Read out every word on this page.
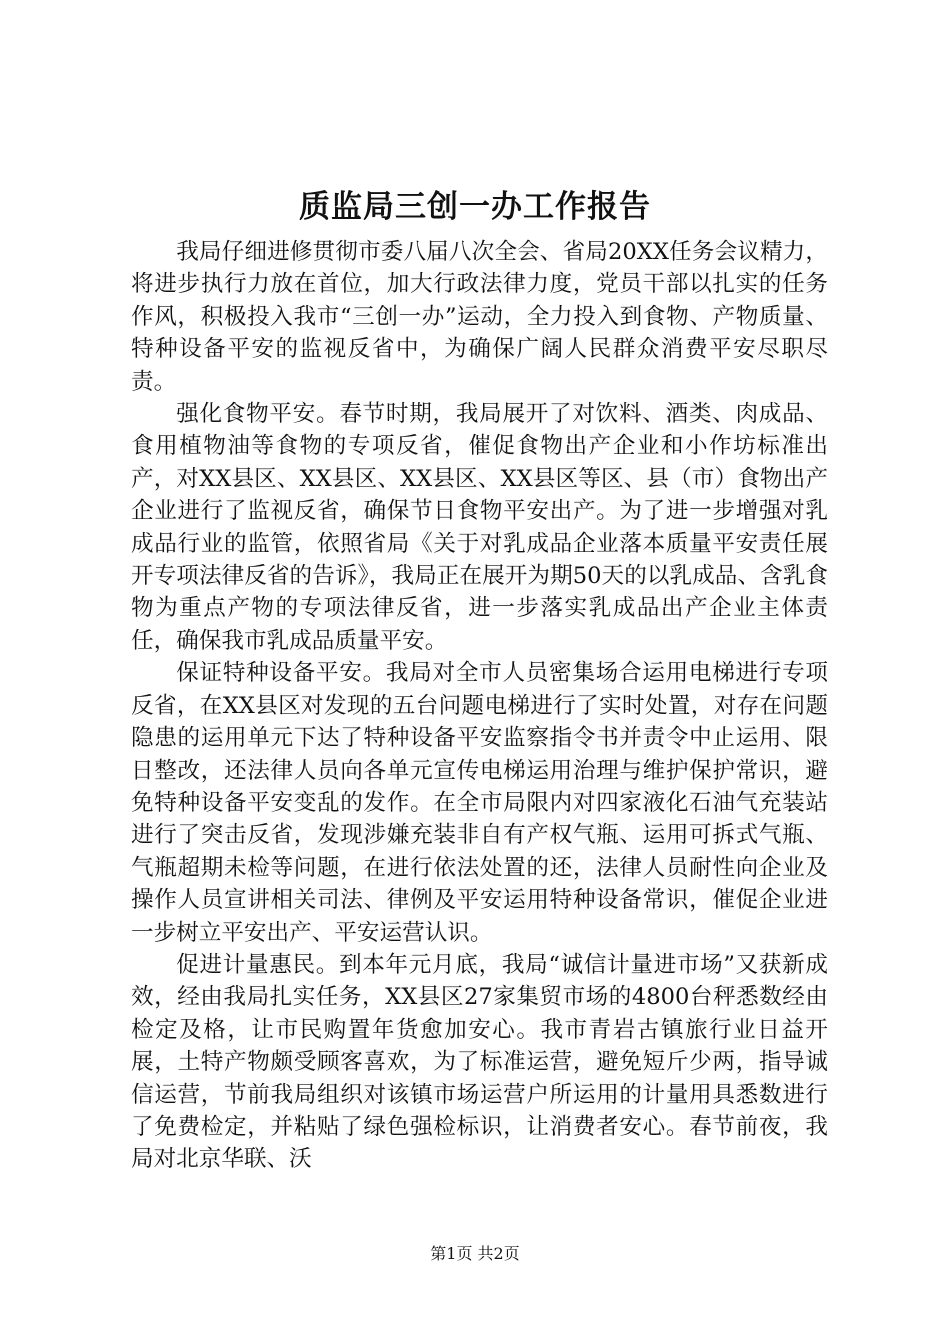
质监局三创一办工作报告

我局仔细进修贯彻市委八届八次全会、省局20XX任务会议精力，将进步执行力放在首位，加大行政法律力度，党员干部以扎实的任务作风，积极投入我市“三创一办”运动，全力投入到食物、产物质量、特种设备平安的监视反省中，为确保广阔人民群众消费平安尽职尽责。

强化食物平安。春节时期，我局展开了对饮料、酒类、肉成品、食用植物油等食物的专项反省，催促食物出产企业和小作坊标准出产，对XX县区、XX县区、XX县区、XX县区等区、县（市）食物出产企业进行了监视反省，确保节日食物平安出产。为了进一步增强对乳成品行业的监管，依照省局《关于对乳成品企业落本质量平安责任展开专项法律反省的告诉》，我局正在展开为期50天的以乳成品、含乳食物为重点产物的专项法律反省，进一步落实乳成品出产企业主体责任，确保我市乳成品质量平安。

保证特种设备平安。我局对全市人员密集场合运用电梯进行专项反省，在XX县区对发现的五台问题电梯进行了实时处置，对存在问题隐患的运用单元下达了特种设备平安监察指令书并责令中止运用、限日整改，还法律人员向各单元宣传电梯运用治理与维护保护常识，避免特种设备平安变乱的发作。在全市局限内对四家液化石油气充装站进行了突击反省，发现涉嫌充装非自有产权气瓶、运用可拆式气瓶、气瓶超期未检等问题，在进行依法处置的还，法律人员耐性向企业及操作人员宣讲相关司法、律例及平安运用特种设备常识，催促企业进一步树立平安出产、平安运营认识。

促进计量惠民。到本年元月底，我局“诚信计量进市场”又获新成效，经由我局扎实任务，XX县区27家集贸市场的4800台秤悉数经由检定及格，让市民购置年货愈加安心。我市青岩古镇旅行业日益开展，土特产物颇受顾客喜欢，为了标准运营，避免短斤少两，指导诚信运营，节前我局组织对该镇市场运营户所运用的计量用具悉数进行了免费检定，并粘贴了绿色强检标识，让消费者安心。春节前夜，我局对北京华联、沃

第1页 共2页
